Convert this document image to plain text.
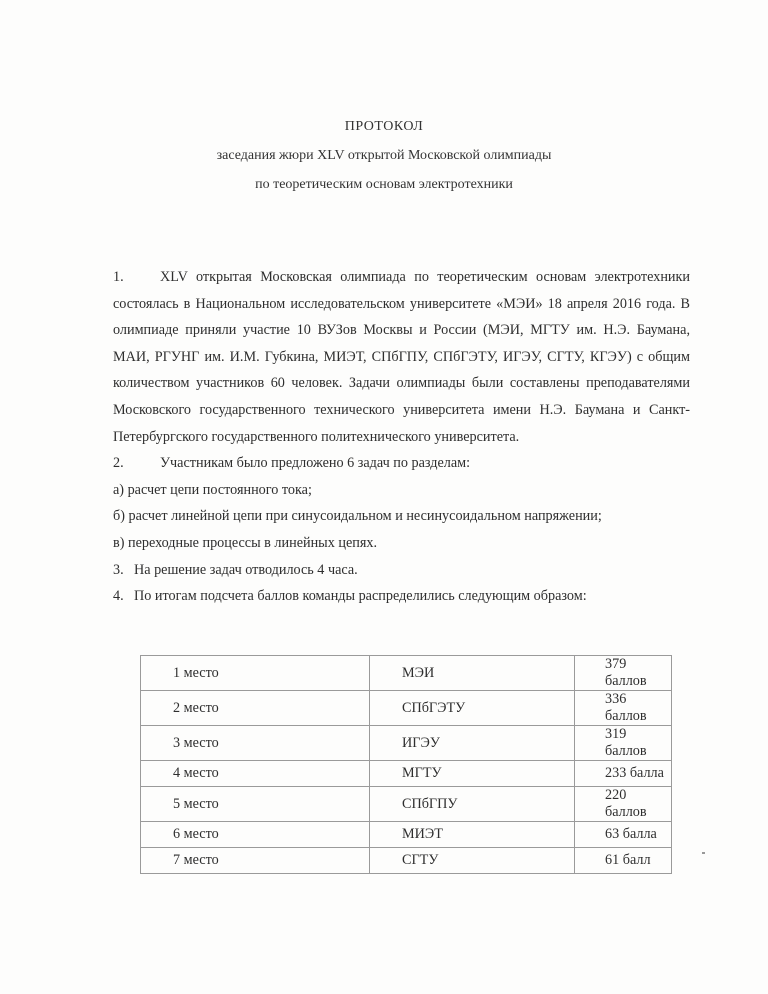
ПРОТОКОЛ
заседания жюри XLV открытой Московской олимпиады
по теоретическим основам электротехники

1.	XLV открытая Московская олимпиада по теоретическим основам электротехники состоялась в Национальном исследовательском университете «МЭИ» 18 апреля 2016 года. В олимпиаде приняли участие 10 ВУЗов Москвы и России (МЭИ, МГТУ им. Н.Э. Баумана, МАИ, РГУНГ им. И.М. Губкина, МИЭТ, СПбГПУ, СПбГЭТУ, ИГЭУ, СГТУ, КГЭУ) с общим количеством участников 60 человек. Задачи олимпиады были составлены преподавателями Московского государственного технического университета имени Н.Э. Баумана и Санкт-Петербургского государственного политехнического университета.

2.	Участникам было предложено 6 задач по разделам:

а) расчет цепи постоянного тока;

б) расчет линейной цепи при синусоидальном и несинусоидальном напряжении;

в) переходные процессы в линейных цепях.

3. На решение задач отводилось 4 часа.

4. По итогам подсчета баллов команды распределились следующим образом:

1 место	МЭИ	379 баллов
2 место	СПбГЭТУ	336 баллов
3 место	ИГЭУ	319 баллов
4 место	МГТУ	233 балла
5 место	СПбГПУ	220 баллов
6 место	МИЭТ	63 балла
7 место	СГТУ	61 балл
